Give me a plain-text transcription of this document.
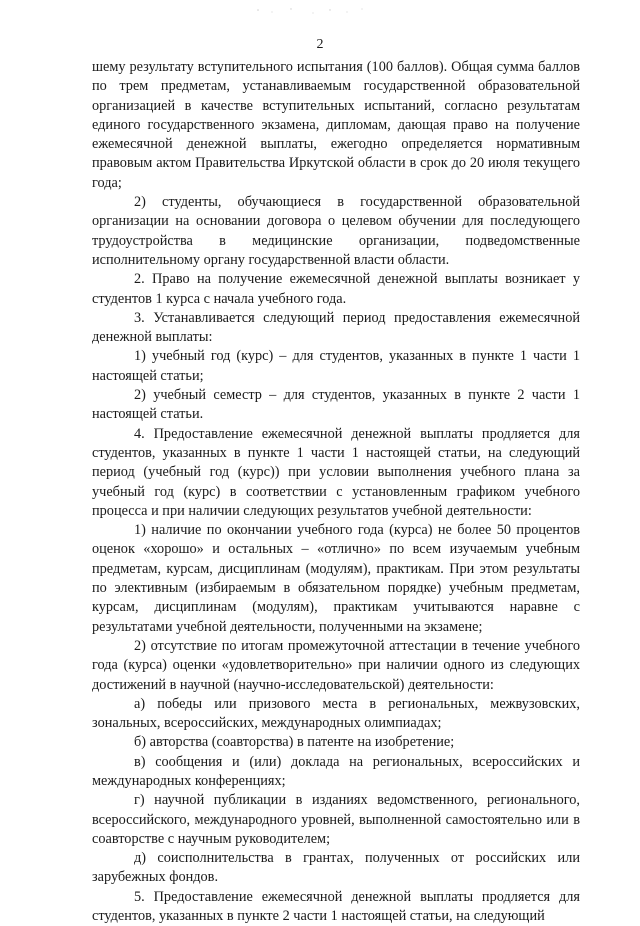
2

шему результату вступительного испытания (100 баллов). Общая сумма баллов по трем предметам, устанавливаемым государственной образовательной организацией в качестве вступительных испытаний, согласно результатам единого государственного экзамена, дипломам, дающая право на получение ежемесячной денежной выплаты, ежегодно определяется нормативным правовым актом Правительства Иркутской области в срок до 20 июля текущего года;

2) студенты, обучающиеся в государственной образовательной организации на основании договора о целевом обучении для последующего трудоустройства в медицинские организации, подведомственные исполнительному органу государственной власти области.

2. Право на получение ежемесячной денежной выплаты возникает у студентов 1 курса с начала учебного года.

3. Устанавливается следующий период предоставления ежемесячной денежной выплаты:

1) учебный год (курс) – для студентов, указанных в пункте 1 части 1 настоящей статьи;

2) учебный семестр – для студентов, указанных в пункте 2 части 1 настоящей статьи.

4. Предоставление ежемесячной денежной выплаты продляется для студентов, указанных в пункте 1 части 1 настоящей статьи, на следующий период (учебный год (курс)) при условии выполнения учебного плана за учебный год (курс) в соответствии с установленным графиком учебного процесса и при наличии следующих результатов учебной деятельности:

1) наличие по окончании учебного года (курса) не более 50 процентов оценок «хорошо» и остальных – «отлично» по всем изучаемым учебным предметам, курсам, дисциплинам (модулям), практикам. При этом результаты по элективным (избираемым в обязательном порядке) учебным предметам, курсам, дисциплинам (модулям), практикам учитываются наравне с результатами учебной деятельности, полученными на экзамене;

2) отсутствие по итогам промежуточной аттестации в течение учебного года (курса) оценки «удовлетворительно» при наличии одного из следующих достижений в научной (научно-исследовательской) деятельности:

а) победы или призового места в региональных, межвузовских, зональных, всероссийских, международных олимпиадах;

б) авторства (соавторства) в патенте на изобретение;

в) сообщения и (или) доклада на региональных, всероссийских и международных конференциях;

г) научной публикации в изданиях ведомственного, регионального, всероссийского, международного уровней, выполненной самостоятельно или в соавторстве с научным руководителем;

д) соисполнительства в грантах, полученных от российских или зарубежных фондов.

5. Предоставление ежемесячной денежной выплаты продляется для студентов, указанных в пункте 2 части 1 настоящей статьи, на следующий
